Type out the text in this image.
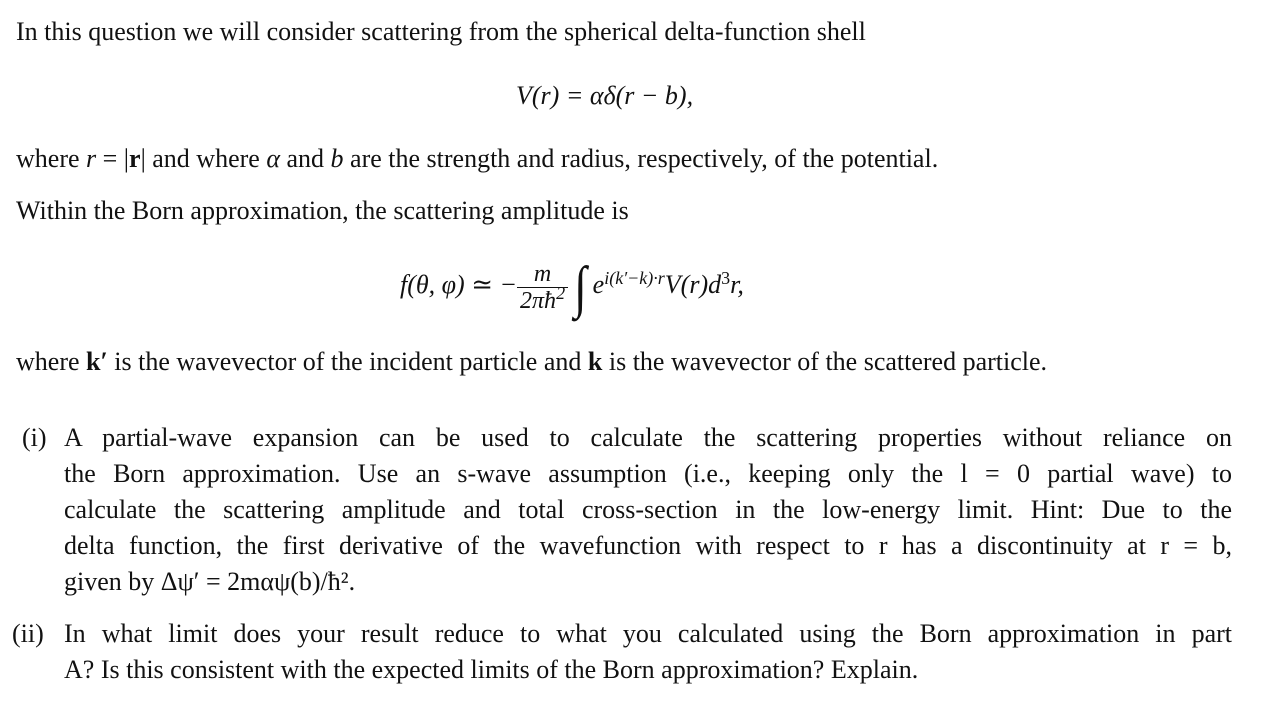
In this question we will consider scattering from the spherical delta-function shell
V(r) = αδ(r − b),
where r = |r| and where α and b are the strength and radius, respectively, of the potential.
Within the Born approximation, the scattering amplitude is
f(θ, φ) ≃ − $\frac{m}{2\pi ħ^2}$ ∫ $e^{i(k'-k)\cdot r}V(r)d^3r$,
where k′ is the wavevector of the incident particle and k is the wavevector of the scattered particle.
(i) A partial-wave expansion can be used to calculate the scattering properties without reliance on
the Born approximation. Use an s-wave assumption (i.e., keeping only the l = 0 partial wave) to
calculate the scattering amplitude and total cross-section in the low-energy limit. Hint: Due to the
delta function, the first derivative of the wavefunction with respect to r has a discontinuity at r = b,
given by Δψ′ = 2mαψ(b)/ħ².
(ii) In what limit does your result reduce to what you calculated using the Born approximation in part
A? Is this consistent with the expected limits of the Born approximation? Explain.
